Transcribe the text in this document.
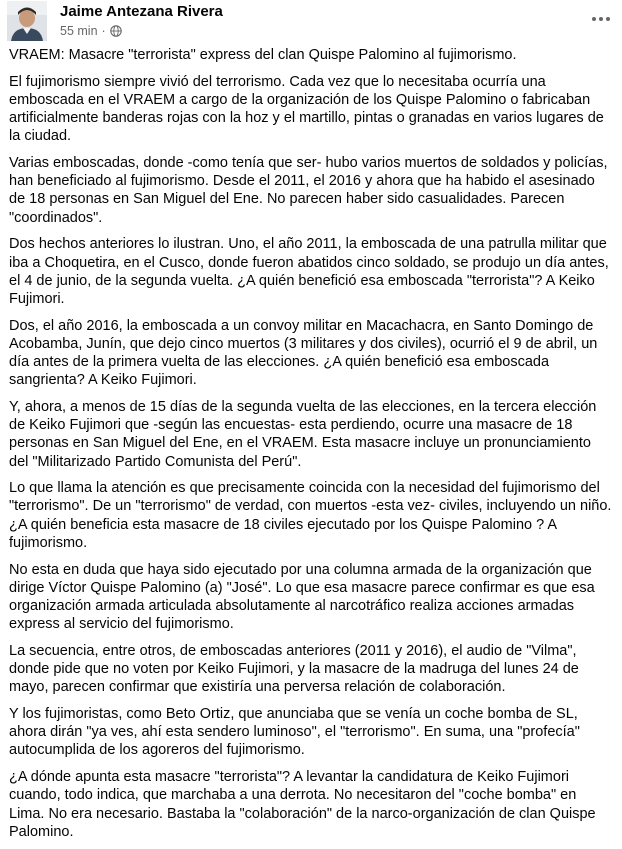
Jaime Antezana Rivera
55 min ·

VRAEM: Masacre "terrorista" express del clan Quispe Palomino al fujimorismo.

El fujimorismo siempre vivió del terrorismo. Cada vez que lo necesitaba ocurría una emboscada en el VRAEM a cargo de la organización de los Quispe Palomino o fabricaban artificialmente banderas rojas con la hoz y el martillo, pintas o granadas en varios lugares de la ciudad.

Varias emboscadas, donde -como tenía que ser- hubo varios muertos de soldados y policías, han beneficiado al fujimorismo. Desde el 2011, el 2016 y ahora que ha habido el asesinado de 18 personas en San Miguel del Ene. No parecen haber sido casualidades. Parecen "coordinados".

Dos hechos anteriores lo ilustran. Uno, el año 2011, la emboscada de una patrulla militar que iba a Choquetira, en el Cusco, donde fueron abatidos cinco soldado, se produjo un día antes, el 4 de junio, de la segunda vuelta. ¿A quién benefició esa emboscada "terrorista"? A Keiko Fujimori.

Dos, el año 2016, la emboscada a un convoy militar en Macachacra, en Santo Domingo de Acobamba, Junín, que dejo cinco muertos (3 militares y dos civiles), ocurrió el 9 de abril, un día antes de la primera vuelta de las elecciones. ¿A quién benefició esa emboscada sangrienta? A Keiko Fujimori.

Y, ahora, a menos de 15 días de la segunda vuelta de las elecciones, en la tercera elección de Keiko Fujimori que -según las encuestas- esta perdiendo, ocurre una masacre de 18 personas en San Miguel del Ene, en el VRAEM. Esta masacre incluye un pronunciamiento del "Militarizado Partido Comunista del Perú".

Lo que llama la atención es que precisamente coincida con la necesidad del fujimorismo del "terrorismo". De un "terrorismo" de verdad, con muertos -esta vez- civiles, incluyendo un niño. ¿A quién beneficia esta masacre de 18 civiles ejecutado por los Quispe Palomino ? A fujimorismo.

No esta en duda que haya sido ejecutado por una columna armada de la organización que dirige Víctor Quispe Palomino (a) "José". Lo que esa masacre parece confirmar es que esa organización armada articulada absolutamente al narcotráfico realiza acciones armadas express al servicio del fujimorismo.

La secuencia, entre otros, de emboscadas anteriores (2011 y 2016), el audio de "Vilma", donde pide que no voten por Keiko Fujimori, y la masacre de la madruga del lunes 24 de mayo, parecen confirmar que existiría una perversa relación de colaboración.

Y los fujimoristas, como Beto Ortiz, que anunciaba que se venía un coche bomba de SL, ahora dirán "ya ves, ahí esta sendero luminoso", el "terrorismo". En suma, una "profecía" autocumplida de los agoreros del fujimorismo.

¿A dónde apunta esta masacre "terrorista"? A levantar la candidatura de Keiko Fujimori cuando, todo indica, que marchaba a una derrota. No necesitaron del "coche bomba" en Lima. No era necesario. Bastaba la "colaboración" de la narco-organización de clan Quispe Palomino.
